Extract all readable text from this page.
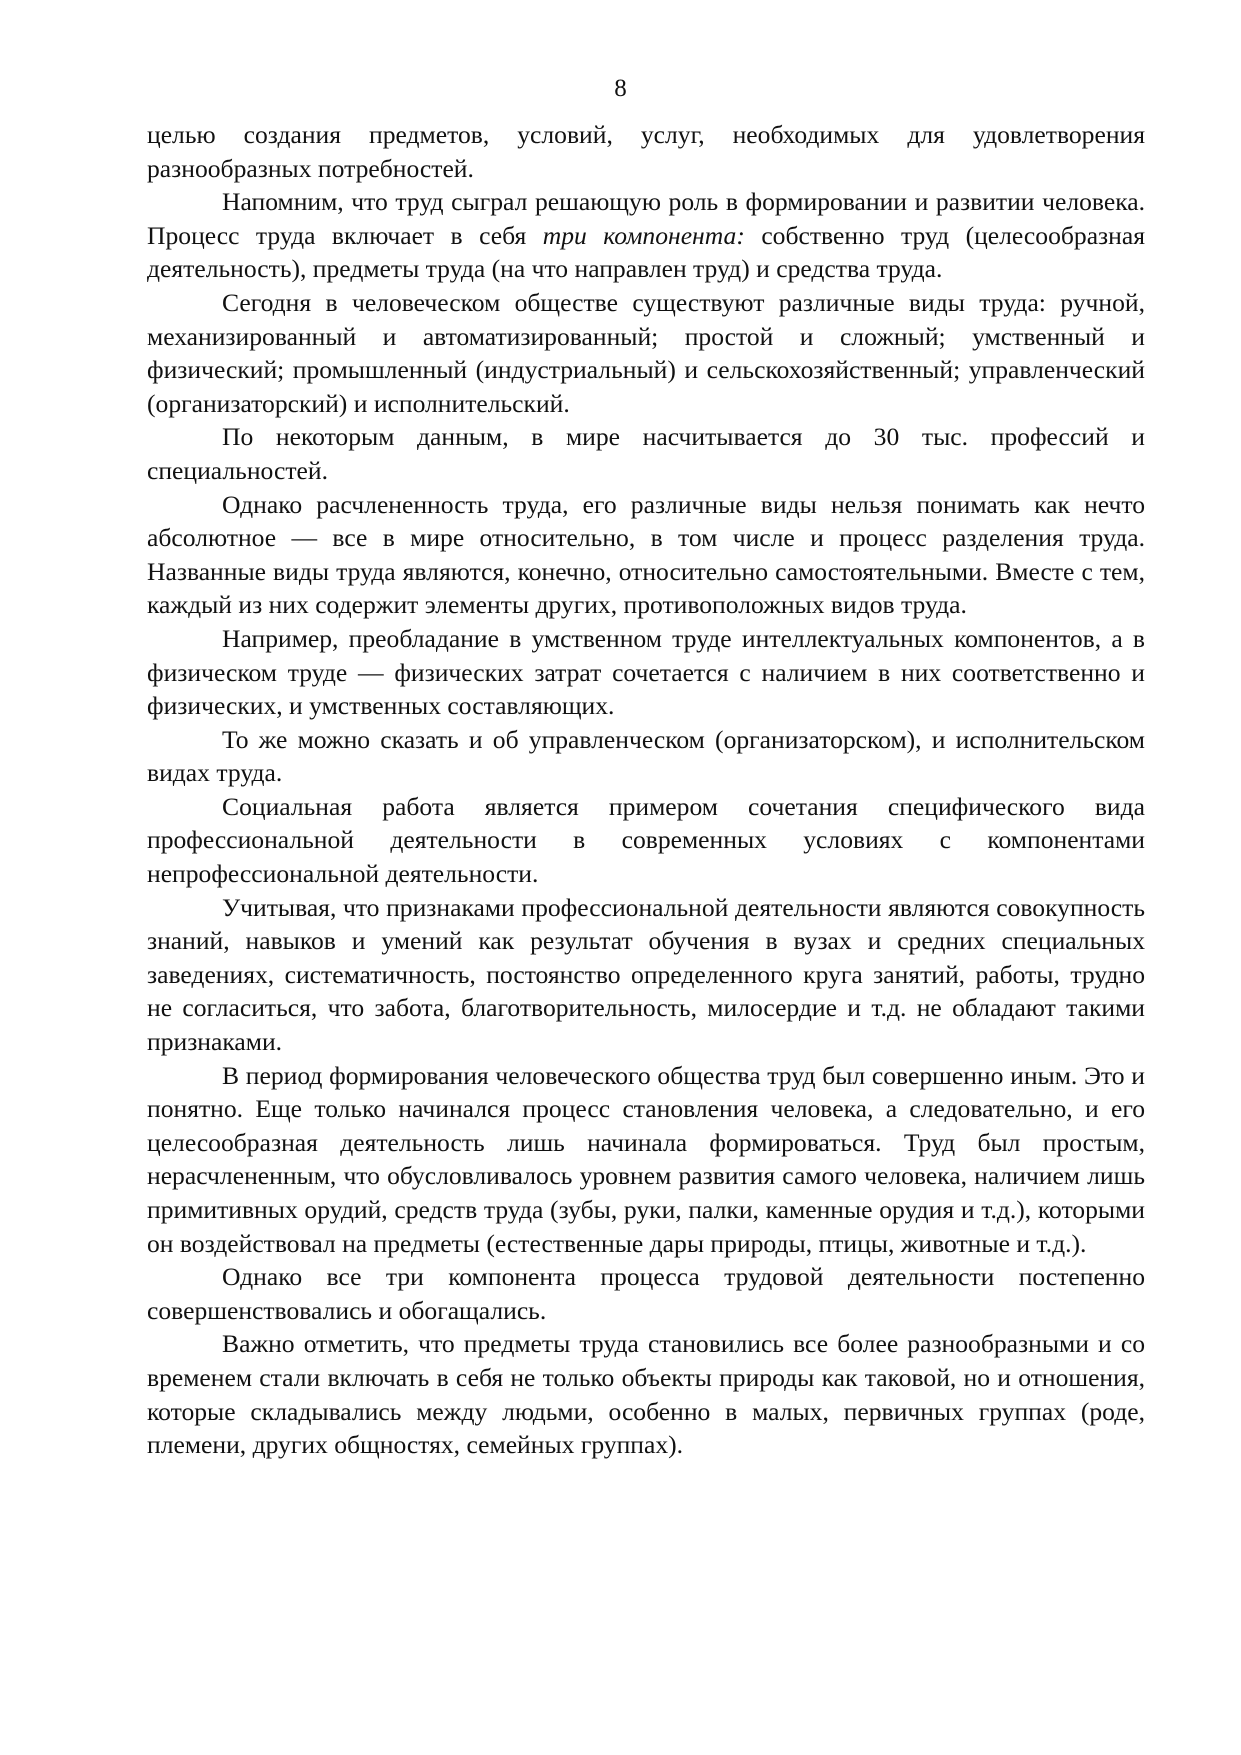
8

целью создания предметов, условий, услуг, необходимых для удовлетворения разнообразных потребностей.

Напомним, что труд сыграл решающую роль в формировании и развитии человека. Процесс труда включает в себя три компонента: собственно труд (целесообразная деятельность), предметы труда (на что направлен труд) и средства труда.

Сегодня в человеческом обществе существуют различные виды труда: ручной, механизированный и автоматизированный; простой и сложный; умственный и физический; промышленный (индустриальный) и сельскохозяйственный; управленческий (организаторский) и исполнительский.

По некоторым данным, в мире насчитывается до 30 тыс. профессий и специальностей.

Однако расчлененность труда, его различные виды нельзя понимать как нечто абсолютное — все в мире относительно, в том числе и процесс разделения труда. Названные виды труда являются, конечно, относительно самостоятельными. Вместе с тем, каждый из них содержит элементы других, противоположных видов труда.

Например, преобладание в умственном труде интеллектуальных компонентов, а в физическом труде — физических затрат сочетается с наличием в них соответственно и физических, и умственных составляющих.

То же можно сказать и об управленческом (организаторском), и исполнительском видах труда.

Социальная работа является примером сочетания специфического вида профессиональной деятельности в современных условиях с компонентами непрофессиональной деятельности.

Учитывая, что признаками профессиональной деятельности являются совокупность знаний, навыков и умений как результат обучения в вузах и средних специальных заведениях, систематичность, постоянство определенного круга занятий, работы, трудно не согласиться, что забота, благотворительность, милосердие и т.д. не обладают такими признаками.

В период формирования человеческого общества труд был совершенно иным. Это и понятно. Еще только начинался процесс становления человека, а следовательно, и его целесообразная деятельность лишь начинала формироваться. Труд был простым, нерасчлененным, что обусловливалось уровнем развития самого человека, наличием лишь примитивных орудий, средств труда (зубы, руки, палки, каменные орудия и т.д.), которыми он воздействовал на предметы (естественные дары природы, птицы, животные и т.д.).

Однако все три компонента процесса трудовой деятельности постепенно совершенствовались и обогащались.

Важно отметить, что предметы труда становились все более разнообразными и со временем стали включать в себя не только объекты природы как таковой, но и отношения, которые складывались между людьми, особенно в малых, первичных группах (роде, племени, других общностях, семейных группах).
